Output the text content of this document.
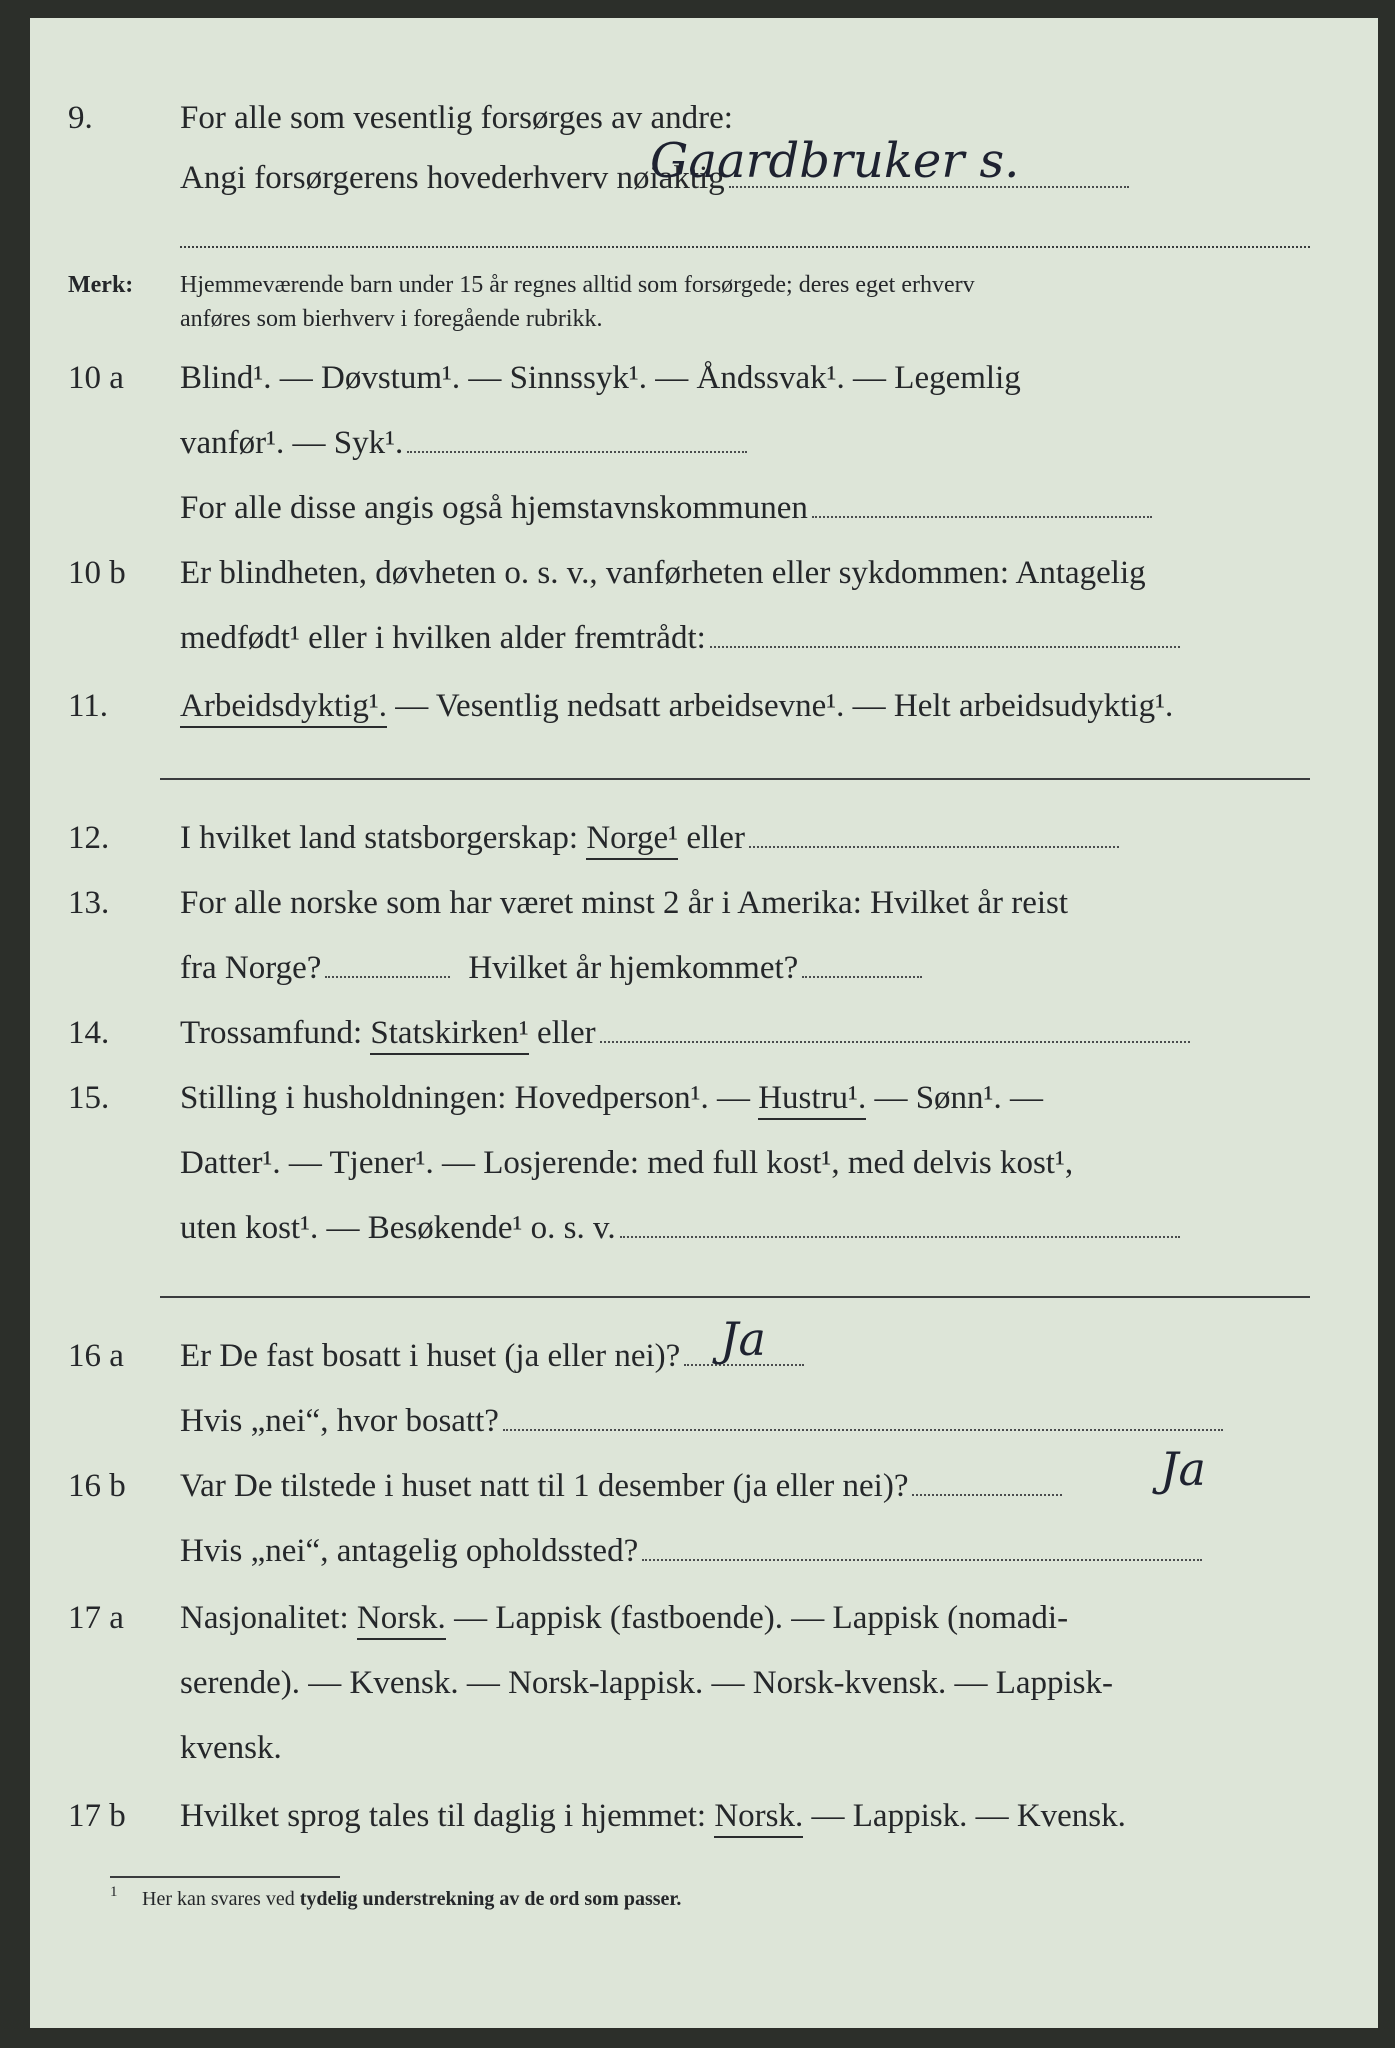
9.	For alle som vesentlig forsørges av andre:
Angi forsørgerens hovederhverv nøiaktig
Gaardbruker s.
Merk: Hjemmeværende barn under 15 år regnes alltid som forsørgede; deres eget erhverv
anføres som bierhverv i foregående rubrikk.
10 a	Blind¹. — Døvstum¹. — Sinnssyk¹. — Åndssvak¹. — Legemlig
vanfør¹. — Syk¹.
For alle disse angis også hjemstavnskommunen
10 b	Er blindheten, døvheten o. s. v., vanførheten eller sykdommen: Antagelig
medfødt¹ eller i hvilken alder fremtrådt:
11.	Arbeidsdyktig¹. — Vesentlig nedsatt arbeidsevne¹. — Helt arbeidsudyktig¹.
12.	I hvilket land statsborgerskap: Norge¹ eller
13.	For alle norske som har været minst 2 år i Amerika: Hvilket år reist
fra Norge?	Hvilket år hjemkommet?
14.	Trossamfund: Statskirken¹ eller
15.	Stilling i husholdningen: Hovedperson¹. — Hustru¹. — Sønn¹. —
Datter¹. — Tjener¹. — Losjerende: med full kost¹, med delvis kost¹,
uten kost¹. — Besøkende¹ o. s. v.
16 a	Er De fast bosatt i huset (ja eller nei)? Ja
Hvis „nei“, hvor bosatt?
16 b	Var De tilstede i huset natt til 1 desember (ja eller nei)?	Ja
Hvis „nei“, antagelig opholdssted?
17 a	Nasjonalitet: Norsk. — Lappisk (fastboende). — Lappisk (nomadi-
serende). — Kvensk. — Norsk-lappisk. — Norsk-kvensk. — Lappisk-
kvensk.
17 b	Hvilket sprog tales til daglig i hjemmet: Norsk. — Lappisk. — Kvensk.
1 Her kan svares ved tydelig understrekning av de ord som passer.
